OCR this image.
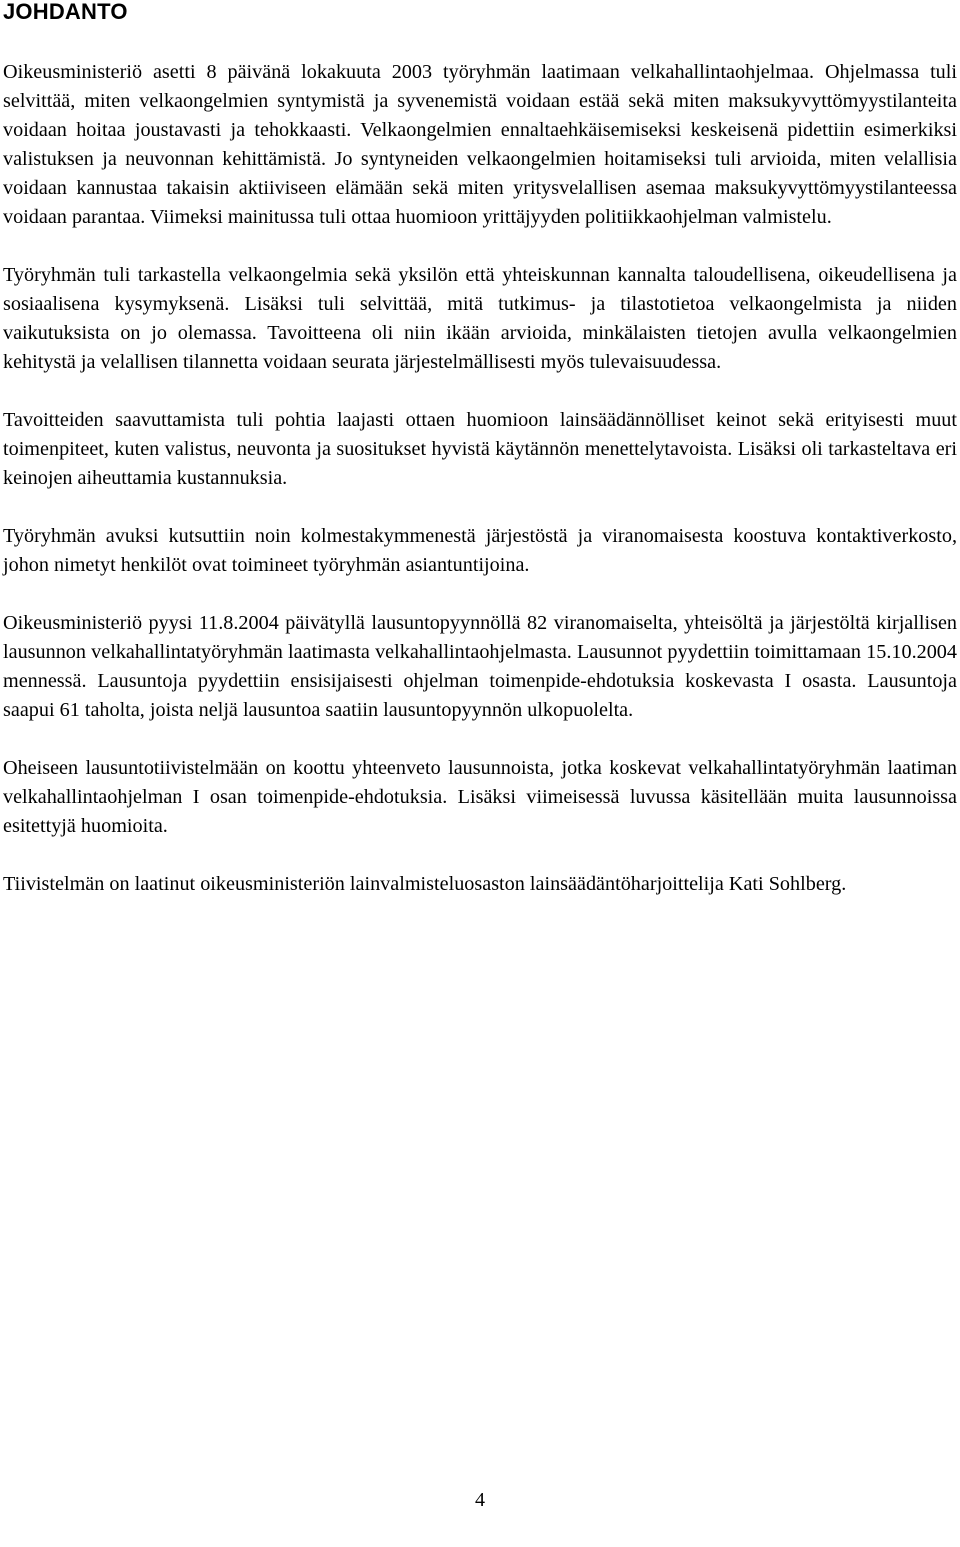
JOHDANTO

Oikeusministeriö asetti 8 päivänä lokakuuta 2003 työryhmän laatimaan velkahallintaohjelmaa. Ohjelmassa tuli selvittää, miten velkaongelmien syntymistä ja syvenemistä voidaan estää sekä miten maksukyvyttömyystilanteita voidaan hoitaa joustavasti ja tehokkaasti. Velkaongelmien ennaltaehkäisemiseksi keskeisenä pidettiin esimerkiksi valistuksen ja neuvonnan kehittämistä. Jo syntyneiden velkaongelmien hoitamiseksi tuli arvioida, miten velallisia voidaan kannustaa takaisin aktiiviseen elämään sekä miten yritysvelallisen asemaa maksukyvyttömyystilanteessa voidaan parantaa. Viimeksi mainitussa tuli ottaa huomioon yrittäjyyden politiikkaohjelman valmistelu.

Työryhmän tuli tarkastella velkaongelmia sekä yksilön että yhteiskunnan kannalta taloudellisena, oikeudellisena ja sosiaalisena kysymyksenä. Lisäksi tuli selvittää, mitä tutkimus- ja tilastotietoa velkaongelmista ja niiden vaikutuksista on jo olemassa. Tavoitteena oli niin ikään arvioida, minkälaisten tietojen avulla velkaongelmien kehitystä ja velallisen tilannetta voidaan seurata järjestelmällisesti myös tulevaisuudessa.

Tavoitteiden saavuttamista tuli pohtia laajasti ottaen huomioon lainsäädännölliset keinot sekä erityisesti muut toimenpiteet, kuten valistus, neuvonta ja suositukset hyvistä käytännön menettelytavoista. Lisäksi oli tarkasteltava eri keinojen aiheuttamia kustannuksia.

Työryhmän avuksi kutsuttiin noin kolmestakymmenestä järjestöstä ja viranomaisesta koostuva kontaktiverkosto, johon nimetyt henkilöt ovat toimineet työryhmän asiantuntijoina.

Oikeusministeriö pyysi 11.8.2004 päivätyllä lausuntopyynnöllä 82 viranomaiselta, yhteisöltä ja järjestöltä kirjallisen lausunnon velkahallintatyöryhmän laatimasta velkahallintaohjelmasta. Lausunnot pyydettiin toimittamaan 15.10.2004 mennessä. Lausuntoja pyydettiin ensisijaisesti ohjelman toimenpide-ehdotuksia koskevasta I osasta. Lausuntoja saapui 61 taholta, joista neljä lausuntoa saatiin lausuntopyynnön ulkopuolelta.

Oheiseen lausuntotiivistelmään on koottu yhteenveto lausunnoista, jotka koskevat velkahallintatyöryhmän laatiman velkahallintaohjelman I osan toimenpide-ehdotuksia. Lisäksi viimeisessä luvussa käsitellään muita lausunnoissa esitettyjä huomioita.

Tiivistelmän on laatinut oikeusministeriön lainvalmisteluosaston lainsäädäntöharjoittelija Kati Sohlberg.

4
